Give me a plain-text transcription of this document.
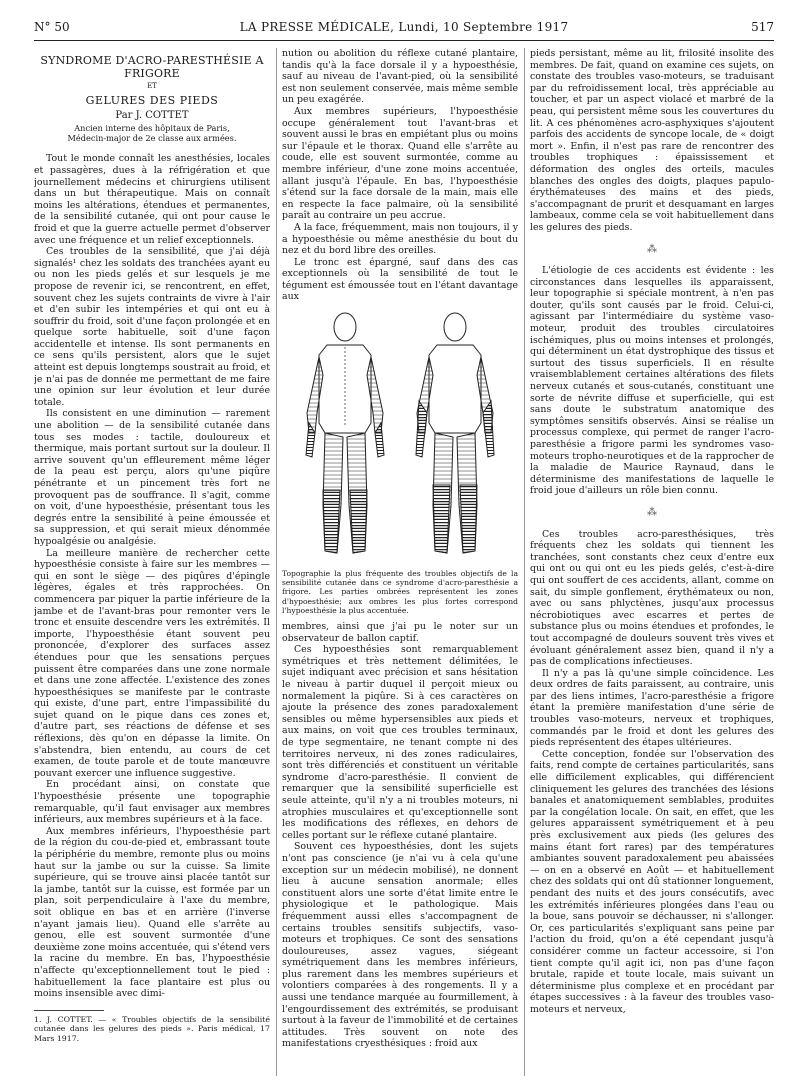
N° 50	LA PRESSE MÉDICALE, Lundi, 10 Septembre 1917	517
SYNDROME D'ACRO-PARESTHÉSIE A FRIGORE
ET
GELURES DES PIEDS
Par J. COTTET
Ancien interne des hôpitaux de Paris,
Médecin-major de 2e classe aux armées.

Tout le monde connaît les anesthésies, locales et passagères, dues à la réfrigération et que journellement médecins et chirurgiens utilisent dans un but thérapeutique. Mais on connaît moins les altérations, étendues et permanentes, de la sensibilité cutanée, qui ont pour cause le froid et que la guerre actuelle permet d'observer avec une fréquence et un relief exceptionnels.

Ces troubles de la sensibilité, que j'ai déjà signalés¹ chez les soldats des tranchées ayant eu ou non les pieds gelés et sur lesquels je me propose de revenir ici, se rencontrent, en effet, souvent chez les sujets contraints de vivre à l'air et d'en subir les intempéries et qui ont eu à souffrir du froid, soit d'une façon prolongée et en quelque sorte habituelle, soit d'une façon accidentelle et intense. Ils sont permanents en ce sens qu'ils persistent, alors que le sujet atteint est depuis longtemps soustrait au froid, et je n'ai pas de donnée me permettant de me faire une opinion sur leur évolution et leur durée totale.

Ils consistent en une diminution — rarement une abolition — de la sensibilité cutanée dans tous ses modes : tactile, douloureux et thermique, mais portant surtout sur la douleur. Il arrive souvent qu'un effleurement même léger de la peau est perçu, alors qu'une piqûre pénétrante et un pincement très fort ne provoquent pas de souffrance. Il s'agit, comme on voit, d'une hypoesthésie, présentant tous les degrés entre la sensibilité à peine émoussée et sa suppression, et qui serait mieux dénommée hypoalgésie ou analgésie.

La meilleure manière de rechercher cette hypoesthésie consiste à faire sur les membres — qui en sont le siège — des piqûres d'épingle légères, égales et très rapprochées. On commencera par piquer la partie inférieure de la jambe et de l'avant-bras pour remonter vers le tronc et ensuite descendre vers les extrémités. Il importe, l'hypoesthésie étant souvent peu prononcée, d'explorer des surfaces assez étendues pour que les sensations perçues puissent être comparées dans une zone normale et dans une zone affectée. L'existence des zones hypoesthésiques se manifeste par le contraste qui existe, d'une part, entre l'impassibilité du sujet quand on le pique dans ces zones et, d'autre part, ses réactions de défense et ses réflexions, dès qu'on en dépasse la limite. On s'abstendra, bien entendu, au cours de cet examen, de toute parole et de toute manœuvre pouvant exercer une influence suggestive.

En procédant ainsi, on constate que l'hypoesthésie présente une topographie remarquable, qu'il faut envisager aux membres inférieurs, aux membres supérieurs et à la face.

Aux membres inférieurs, l'hypoesthésie part de la région du cou-de-pied et, embrassant toute la périphérie du membre, remonte plus ou moins haut sur la jambe ou sur la cuisse. Sa limite supérieure, qui se trouve ainsi placée tantôt sur la jambe, tantôt sur la cuisse, est formée par un plan, soit perpendiculaire à l'axe du membre, soit oblique en bas et en arrière (l'inverse n'ayant jamais lieu). Quand elle s'arrête au genou, elle est souvent surmontée d'une deuxième zone moins accentuée, qui s'étend vers la racine du membre. En bas, l'hypoesthésie n'affecte qu'exceptionnellement tout le pied : habituellement la face plantaire est plus ou moins insensible avec dimi-

1. J. COTTET. — « Troubles objectifs de la sensibilité cutanée dans les gelures des pieds ». Paris médical, 17 Mars 1917.

nution ou abolition du réflexe cutané plantaire, tandis qu'à la face dorsale il y a hypoesthésie, sauf au niveau de l'avant-pied, où la sensibilité est non seulement conservée, mais même semble un peu exagérée.

Aux membres supérieurs, l'hypoesthésie occupe généralement tout l'avant-bras et souvent aussi le bras en empiétant plus ou moins sur l'épaule et le thorax. Quand elle s'arrête au coude, elle est souvent surmontée, comme au membre inférieur, d'une zone moins accentuée, allant jusqu'à l'épaule. En bas, l'hypoesthésie s'étend sur la face dorsale de la main, mais elle en respecte la face palmaire, où la sensibilité paraît au contraire un peu accrue.

A la face, fréquemment, mais non toujours, il y a hypoesthésie ou même anesthésie du bout du nez et du bord libre des oreilles.

Le tronc est épargné, sauf dans des cas exceptionnels où la sensibilité de tout le tégument est émoussée tout en l'étant davantage aux

Topographie la plus fréquente des troubles objectifs de la sensibilité cutanée dans ce syndrome d'acro-paresthésie a frigore. Les parties ombrées représentent les zones d'hypoesthésie; aux ombres les plus fortes correspond l'hypoesthésie la plus accentuée.

membres, ainsi que j'ai pu le noter sur un observateur de ballon captif.

Ces hypoesthésies sont remarquablement symétriques et très nettement délimitées, le sujet indiquant avec précision et sans hésitation le niveau à partir duquel il perçoit mieux ou normalement la piqûre. Si à ces caractères on ajoute la présence des zones paradoxalement sensibles ou même hypersensibles aux pieds et aux mains, on voit que ces troubles terminaux, de type segmentaire, ne tenant compte ni des territoires nerveux, ni des zones radiculaires, sont très différenciés et constituent un véritable syndrome d'acro-paresthésie. Il convient de remarquer que la sensibilité superficielle est seule atteinte, qu'il n'y a ni troubles moteurs, ni atrophies musculaires et qu'exceptionnelle sont les modifications des réflexes, en dehors de celles portant sur le réflexe cutané plantaire.

Souvent ces hypoesthésies, dont les sujets n'ont pas conscience (je n'ai vu à cela qu'une exception sur un médecin mobilisé), ne donnent lieu à aucune sensation anormale; elles constituent alors une sorte d'état limite entre le physiologique et le pathologique. Mais fréquemment aussi elles s'accompagnent de certains troubles sensitifs subjectifs, vaso-moteurs et trophiques. Ce sont des sensations douloureuses, assez vagues, siégeant symétriquement dans les membres inférieurs, plus rarement dans les membres supérieurs et volontiers comparées à des rongements. Il y a aussi une tendance marquée au fourmillement, à l'engourdissement des extrémités, se produisant surtout à la faveur de l'immobilité et de certaines attitudes. Très souvent on note des manifestations cryesthésiques : froid aux

pieds persistant, même au lit, frilosité insolite des membres. De fait, quand on examine ces sujets, on constate des troubles vaso-moteurs, se traduisant par du refroidissement local, très appréciable au toucher, et par un aspect violacé et marbré de la peau, qui persistent même sous les couvertures du lit. A ces phénomènes acro-asphyxiques s'ajoutent parfois des accidents de syncope locale, de « doigt mort ». Enfin, il n'est pas rare de rencontrer des troubles trophiques : épaississement et déformation des ongles des orteils, macules blanches des ongles des doigts, plaques papulo-érythémateuses des mains et des pieds, s'accompagnant de prurit et desquamant en larges lambeaux, comme cela se voit habituellement dans les gelures des pieds.

⁂

L'étiologie de ces accidents est évidente : les circonstances dans lesquelles ils apparaissent, leur topographie si spéciale montrent, à n'en pas douter, qu'ils sont causés par le froid. Celui-ci, agissant par l'intermédiaire du système vaso-moteur, produit des troubles circulatoires ischémiques, plus ou moins intenses et prolongés, qui déterminent un état dystrophique des tissus et surtout des tissus superficiels. Il en résulte vraisemblablement certaines altérations des filets nerveux cutanés et sous-cutanés, constituant une sorte de névrite diffuse et superficielle, qui est sans doute le substratum anatomique des symptômes sensitifs observés. Ainsi se réalise un processus complexe, qui permet de ranger l'acro-paresthésie a frigore parmi les syndromes vaso-moteurs tropho-neurotiques et de la rapprocher de la maladie de Maurice Raynaud, dans le déterminisme des manifestations de laquelle le froid joue d'ailleurs un rôle bien connu.

⁂

Ces troubles acro-paresthésiques, très fréquents chez les soldats qui tiennent les tranchées, sont constants chez ceux d'entre eux qui ont ou qui ont eu les pieds gelés, c'est-à-dire qui ont souffert de ces accidents, allant, comme on sait, du simple gonflement, érythémateux ou non, avec ou sans phlyctènes, jusqu'aux processus nécrobiotiques avec escarres et pertes de substance plus ou moins étendues et profondes, le tout accompagné de douleurs souvent très vives et évoluant généralement assez bien, quand il n'y a pas de complications infectieuses.

Il n'y a pas là qu'une simple coïncidence. Les deux ordres de faits paraissent, au contraire, unis par des liens intimes, l'acro-paresthésie a frigore étant la première manifestation d'une série de troubles vaso-moteurs, nerveux et trophiques, commandés par le froid et dont les gelures des pieds représentent des étapes ultérieures.

Cette conception, fondée sur l'observation des faits, rend compte de certaines particularités, sans elle difficilement explicables, qui différencient cliniquement les gelures des tranchées des lésions banales et anatomiquement semblables, produites par la congélation locale. On sait, en effet, que les gelures apparaissent symétriquement et à peu près exclusivement aux pieds (les gelures des mains étant fort rares) par des températures ambiantes souvent paradoxalement peu abaissées — on en a observé en Août — et habituellement chez des soldats qui ont dû stationner longuement, pendant des nuits et des jours consécutifs, avec les extrémités inférieures plongées dans l'eau ou la boue, sans pouvoir se déchausser, ni s'allonger. Or, ces particularités s'expliquant sans peine par l'action du froid, qu'on a été cependant jusqu'à considérer comme un facteur accessoire, si l'on tient compte qu'il agit ici, non pas d'une façon brutale, rapide et toute locale, mais suivant un déterminisme plus complexe et en procédant par étapes successives : à la faveur des troubles vaso-moteurs et nerveux,
